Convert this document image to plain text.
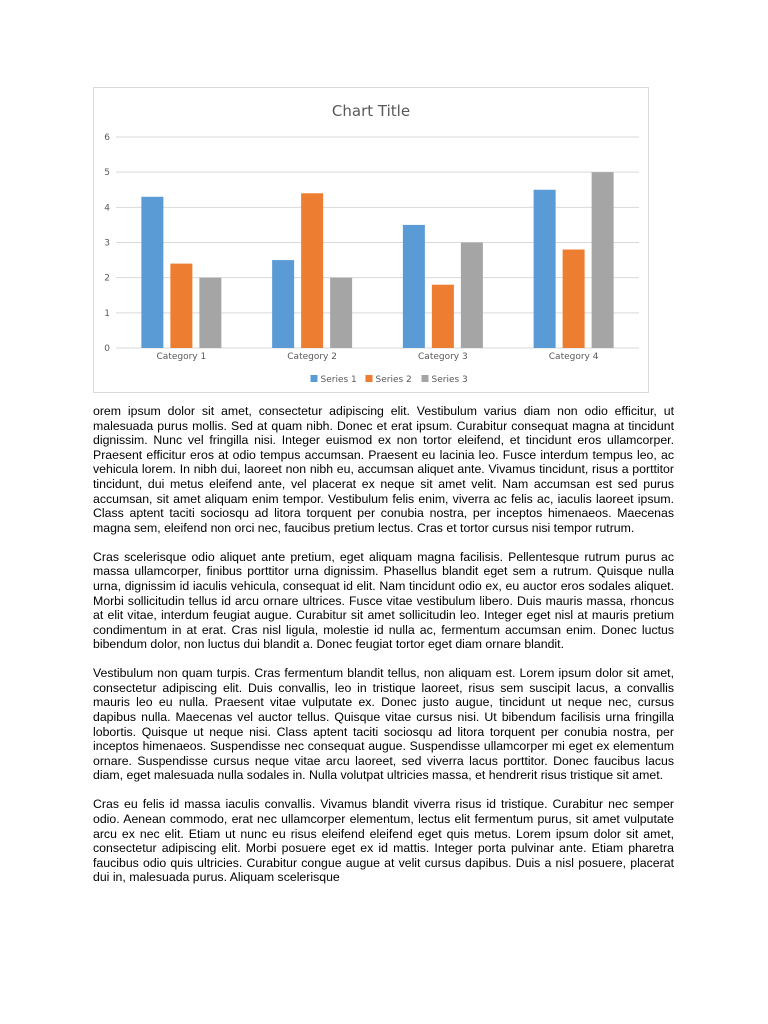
Chart Title
0
1
2
3
4
5
6
Category 1	Category 2	Category 3	Category 4
Series 1 Series 2 Series 3

orem ipsum dolor sit amet, consectetur adipiscing elit. Vestibulum varius diam non odio efficitur, ut malesuada purus mollis. Sed at quam nibh. Donec et erat ipsum. Curabitur consequat magna at tincidunt dignissim. Nunc vel fringilla nisi. Integer euismod ex non tortor eleifend, et tincidunt eros ullamcorper. Praesent efficitur eros at odio tempus accumsan. Praesent eu lacinia leo. Fusce interdum tempus leo, ac vehicula lorem. In nibh dui, laoreet non nibh eu, accumsan aliquet ante. Vivamus tincidunt, risus a porttitor tincidunt, dui metus eleifend ante, vel placerat ex neque sit amet velit. Nam accumsan est sed purus accumsan, sit amet aliquam enim tempor. Vestibulum felis enim, viverra ac felis ac, iaculis laoreet ipsum. Class aptent taciti sociosqu ad litora torquent per conubia nostra, per inceptos himenaeos. Maecenas magna sem, eleifend non orci nec, faucibus pretium lectus. Cras et tortor cursus nisi tempor rutrum.

Cras scelerisque odio aliquet ante pretium, eget aliquam magna facilisis. Pellentesque rutrum purus ac massa ullamcorper, finibus porttitor urna dignissim. Phasellus blandit eget sem a rutrum. Quisque nulla urna, dignissim id iaculis vehicula, consequat id elit. Nam tincidunt odio ex, eu auctor eros sodales aliquet. Morbi sollicitudin tellus id arcu ornare ultrices. Fusce vitae vestibulum libero. Duis mauris massa, rhoncus at elit vitae, interdum feugiat augue. Curabitur sit amet sollicitudin leo. Integer eget nisl at mauris pretium condimentum in at erat. Cras nisl ligula, molestie id nulla ac, fermentum accumsan enim. Donec luctus bibendum dolor, non luctus dui blandit a. Donec feugiat tortor eget diam ornare blandit.

Vestibulum non quam turpis. Cras fermentum blandit tellus, non aliquam est. Lorem ipsum dolor sit amet, consectetur adipiscing elit. Duis convallis, leo in tristique laoreet, risus sem suscipit lacus, a convallis mauris leo eu nulla. Praesent vitae vulputate ex. Donec justo augue, tincidunt ut neque nec, cursus dapibus nulla. Maecenas vel auctor tellus. Quisque vitae cursus nisi. Ut bibendum facilisis urna fringilla lobortis. Quisque ut neque nisi. Class aptent taciti sociosqu ad litora torquent per conubia nostra, per inceptos himenaeos. Suspendisse nec consequat augue. Suspendisse ullamcorper mi eget ex elementum ornare. Suspendisse cursus neque vitae arcu laoreet, sed viverra lacus porttitor. Donec faucibus lacus diam, eget malesuada nulla sodales in. Nulla volutpat ultricies massa, et hendrerit risus tristique sit amet.

Cras eu felis id massa iaculis convallis. Vivamus blandit viverra risus id tristique. Curabitur nec semper odio. Aenean commodo, erat nec ullamcorper elementum, lectus elit fermentum purus, sit amet vulputate arcu ex nec elit. Etiam ut nunc eu risus eleifend eleifend eget quis metus. Lorem ipsum dolor sit amet, consectetur adipiscing elit. Morbi posuere eget ex id mattis. Integer porta pulvinar ante. Etiam pharetra faucibus odio quis ultricies. Curabitur congue augue at velit cursus dapibus. Duis a nisl posuere, placerat dui in, malesuada purus. Aliquam scelerisque
